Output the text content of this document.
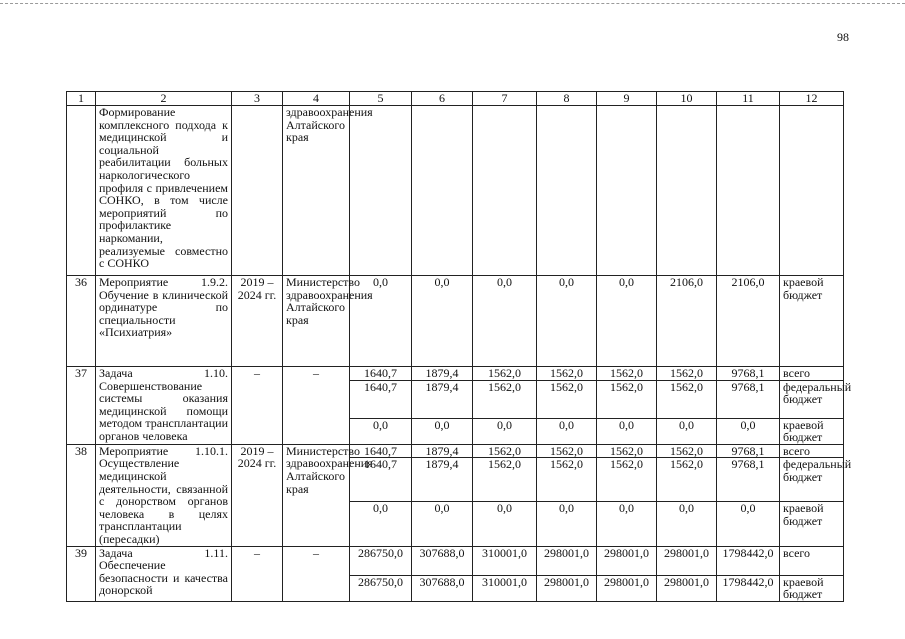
98
1	2	3	4	5	6	7	8	9	10	11	12
	Формирование комплексного подхода к медицинской и социальной реабилитации больных наркологического профиля с привлечением СОНКО, в том числе мероприятий по профилактике наркомании, реализуемые совместно с СОНКО		здравоохранения Алтайского края								
36	Мероприятие 1.9.2. Обучение в клинической ординатуре по специальности «Психиатрия»	2019 – 2024 гг.	Министерство здравоохранения Алтайского края	0,0	0,0	0,0	0,0	0,0	2106,0	2106,0	краевой бюджет
37	Задача 1.10. Совершенствование системы оказания медицинской помощи методом трансплантации органов человека	–	–	1640,7	1879,4	1562,0	1562,0	1562,0	1562,0	9768,1	всего
				1640,7	1879,4	1562,0	1562,0	1562,0	1562,0	9768,1	федеральный бюджет
				0,0	0,0	0,0	0,0	0,0	0,0	0,0	краевой бюджет
38	Мероприятие 1.10.1. Осуществление медицинской деятельности, связанной с донорством органов человека в целях трансплантации (пересадки)	2019 – 2024 гг.	Министерство здравоохранения Алтайского края	1640,7	1879,4	1562,0	1562,0	1562,0	1562,0	9768,1	всего
				1640,7	1879,4	1562,0	1562,0	1562,0	1562,0	9768,1	федеральный бюджет
				0,0	0,0	0,0	0,0	0,0	0,0	0,0	краевой бюджет
39	Задача 1.11. Обеспечение безопасности и качества донорской	–	–	286750,0	307688,0	310001,0	298001,0	298001,0	298001,0	1798442,0	всего
				286750,0	307688,0	310001,0	298001,0	298001,0	298001,0	1798442,0	краевой бюджет
